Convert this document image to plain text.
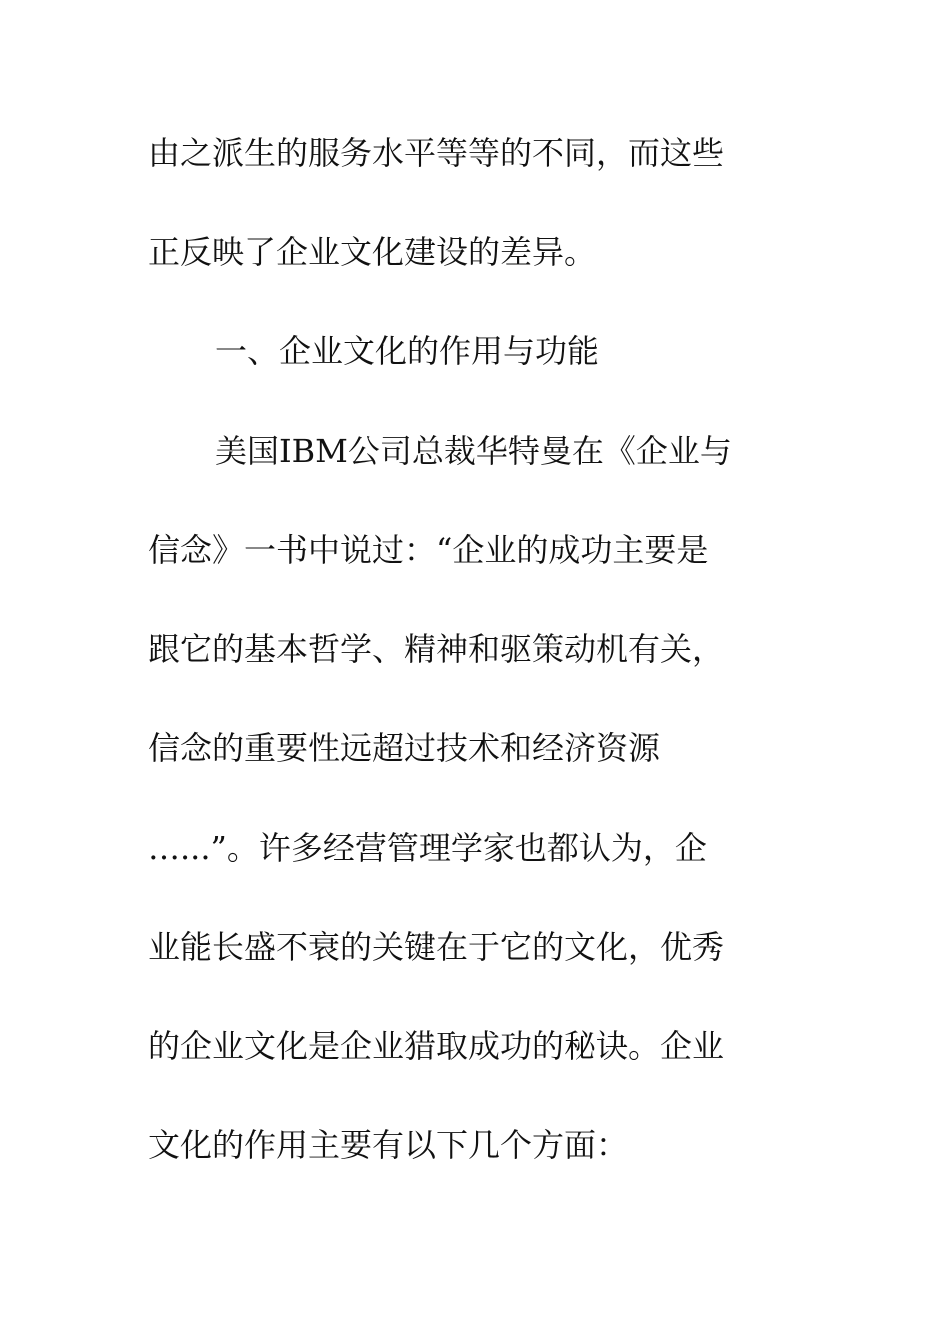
由之派生的服务水平等等的不同，而这些
正反映了企业文化建设的差异。
一、企业文化的作用与功能
美国IBM公司总裁华特曼在《企业与
信念》一书中说过：“企业的成功主要是
跟它的基本哲学、精神和驱策动机有关，
信念的重要性远超过技术和经济资源
…...”。许多经营管理学家也都认为，企
业能长盛不衰的关键在于它的文化，优秀
的企业文化是企业猎取成功的秘诀。企业
文化的作用主要有以下几个方面：
